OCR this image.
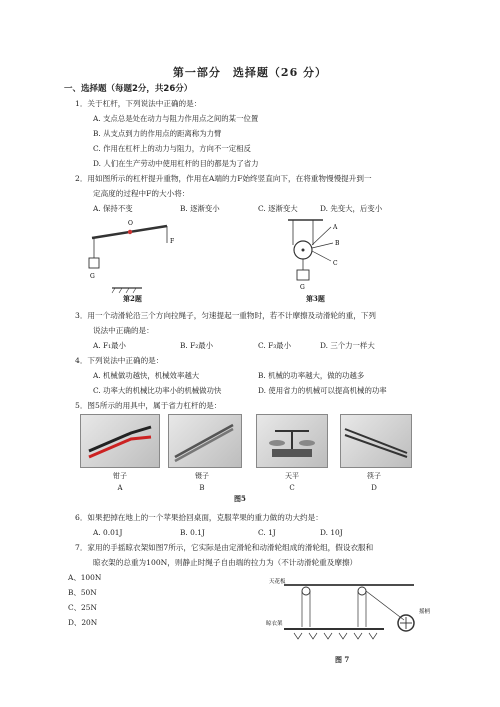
第一部分　选择题（26 分）
一、选择题（每题2分，共26分）
1．关于杠杆，下列说法中正确的是：
A. 支点总是处在动力与阻力作用点之间的某一位置
B. 从支点到力的作用点的距离称为力臂
C. 作用在杠杆上的动力与阻力，方向不一定相反
D. 人们在生产劳动中使用杠杆的目的都是为了省力
2．用如图所示的杠杆提升重物，作用在A端的力F始终竖直向下，在将重物慢慢提升到一
定高度的过程中F的大小将：
A. 保持不变	B. 逐渐变小	C. 逐渐变大	D. 先变大，后变小
O
F
G
第2题
A
B
C
G
第3题
3．用一个动滑轮沿三个方向拉绳子，匀速提起一重物时，若不计摩擦及动滑轮的重，下列
说法中正确的是：
A. F₁最小	B. F₂最小	C. F₃最小	D. 三个力一样大
4．下列说法中正确的是：
A. 机械做功越快，机械效率越大	B. 机械的功率越大，做的功越多
C. 功率大的机械比功率小的机械做功快	D. 使用省力的机械可以提高机械的功率
5．图5所示的用具中，属于省力杠杆的是：
钳子	镊子	天平	筷子
A	B	C	D
图5
6．如果把掉在地上的一个苹果拾回桌面，克服苹果的重力做的功大约是：
A. 0.01J	B. 0.1J	C. 1J	D. 10J
7．家用的手摇晾衣架如图7所示，它实际是由定滑轮和动滑轮组成的滑轮组，假设衣服和
晾衣架的总重为100N，则静止时绳子自由端的拉力为（不计动滑轮重及摩擦）
A、100N
B、50N
C、25N
D、20N
天花板
晾衣架
摇柄
图 7
